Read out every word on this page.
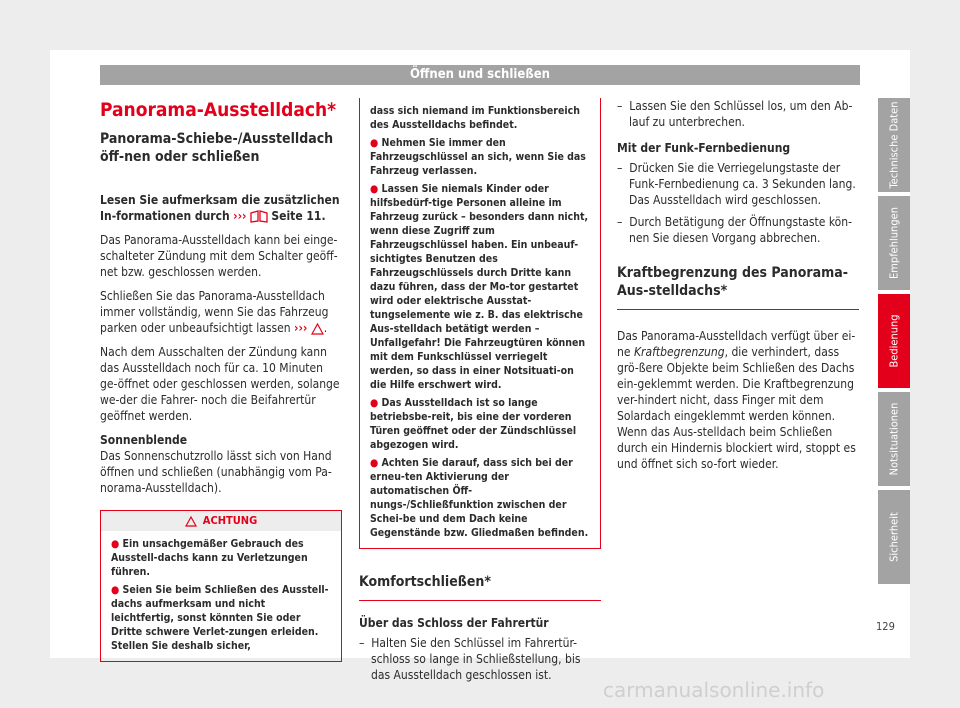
Öffnen und schließen
Panorama-Ausstelldach*
Panorama-Schiebe-/Ausstelldach öff-nen oder schließen

Lesen Sie aufmerksam die zusätzlichen In-formationen durch ››› Seite 11.

Das Panorama-Ausstelldach kann bei einge-schalteter Zündung mit dem Schalter geöff-net bzw. geschlossen werden.

Schließen Sie das Panorama-Ausstelldach immer vollständig, wenn Sie das Fahrzeug parken oder unbeaufsichtigt lassen ››› .

Nach dem Ausschalten der Zündung kann das Ausstelldach noch für ca. 10 Minuten ge-öffnet oder geschlossen werden, solange we-der die Fahrer- noch die Beifahrertür geöffnet werden.

Sonnenblende

Das Sonnenschutzrollo lässt sich von Hand öffnen und schließen (unabhängig vom Pa-norama-Ausstelldach).

ACHTUNG
● Ein unsachgemäßer Gebrauch des Ausstell-dachs kann zu Verletzungen führen.
● Seien Sie beim Schließen des Ausstell-dachs aufmerksam und nicht leichtfertig, sonst könnten Sie oder Dritte schwere Verlet-zungen erleiden. Stellen Sie deshalb sicher,
dass sich niemand im Funktionsbereich des Ausstelldachs befindet.
● Nehmen Sie immer den Fahrzeugschlüssel an sich, wenn Sie das Fahrzeug verlassen.
● Lassen Sie niemals Kinder oder hilfsbedürf-tige Personen alleine im Fahrzeug zurück – besonders dann nicht, wenn diese Zugriff zum Fahrzeugschlüssel haben. Ein unbeauf-sichtigtes Benutzen des Fahrzeugschlüssels durch Dritte kann dazu führen, dass der Mo-tor gestartet wird oder elektrische Ausstat-tungselemente wie z. B. das elektrische Aus-stelldach betätigt werden – Unfallgefahr! Die Fahrzeugtüren können mit dem Funkschlüssel verriegelt werden, so dass in einer Notsituati-on die Hilfe erschwert wird.
● Das Ausstelldach ist so lange betriebsbe-reit, bis eine der vorderen Türen geöffnet oder der Zündschlüssel abgezogen wird.
● Achten Sie darauf, dass sich bei der erneu-ten Aktivierung der automatischen Öff-nungs-/Schließfunktion zwischen der Schei-be und dem Dach keine Gegenstände bzw. Gliedmaßen befinden.
Komfortschließen*

Über das Schloss der Fahrertür

–  Halten Sie den Schlüssel im Fahrertür-schloss so lange in Schließstellung, bis das Ausstelldach geschlossen ist.

–  Lassen Sie den Schlüssel los, um den Ab-lauf zu unterbrechen.

Mit der Funk-Fernbedienung

–  Drücken Sie die Verriegelungstaste der Funk-Fernbedienung ca. 3 Sekunden lang. Das Ausstelldach wird geschlossen.

–  Durch Betätigung der Öffnungstaste kön-nen Sie diesen Vorgang abbrechen.

Kraftbegrenzung des Panorama-Aus-stelldachs*

Das Panorama-Ausstelldach verfügt über ei-ne Kraftbegrenzung, die verhindert, dass grö-ßere Objekte beim Schließen des Dachs ein-geklemmt werden. Die Kraftbegrenzung ver-hindert nicht, dass Finger mit dem Solardach eingeklemmt werden können. Wenn das Aus-stelldach beim Schließen durch ein Hindernis blockiert wird, stoppt es und öffnet sich so-fort wieder.

Technische Daten
Empfehlungen
Bedienung
Notsituationen
Sicherheit
129
carmanualsonline.info
